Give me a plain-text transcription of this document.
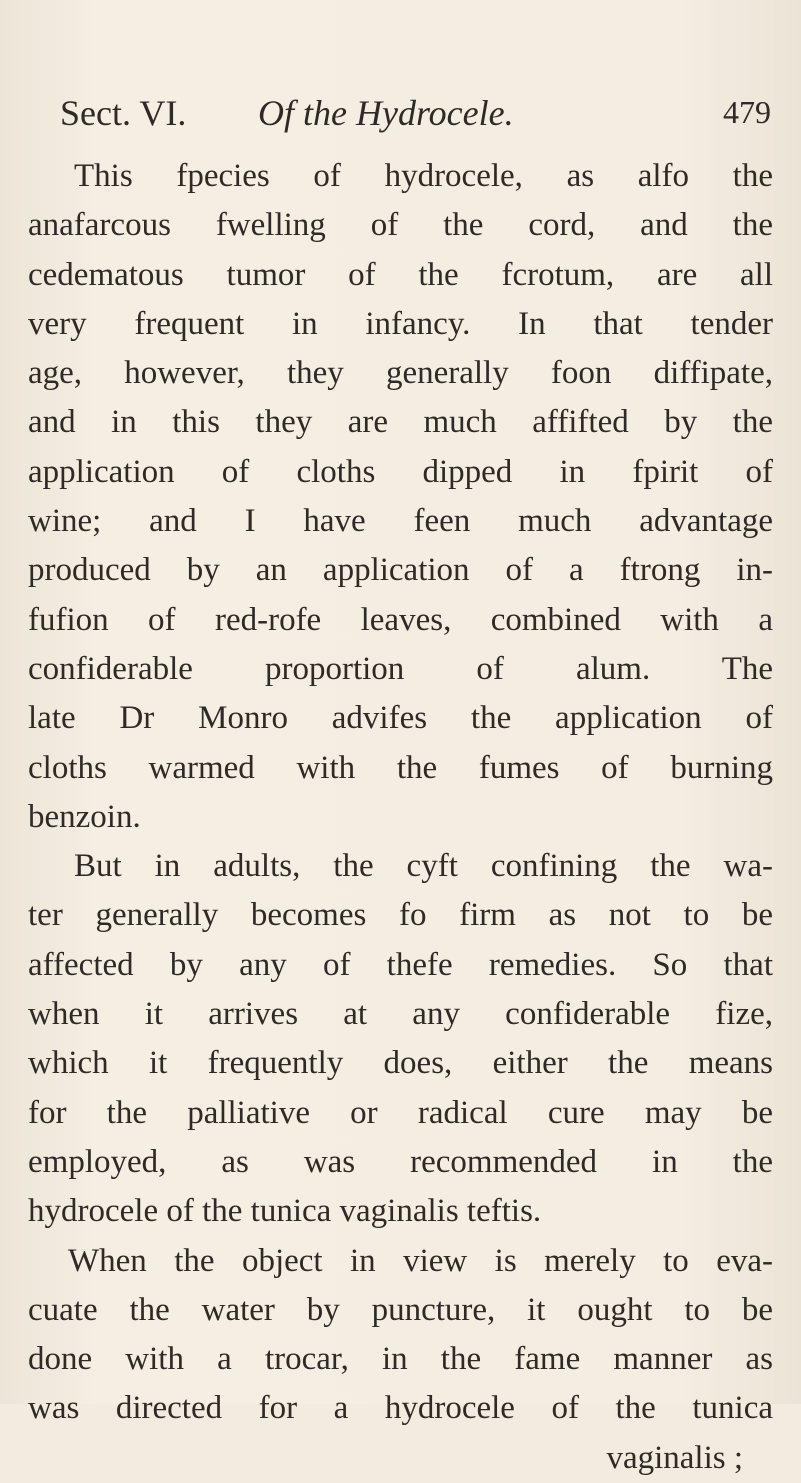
Sect. VI. Of the Hydrocele.	479
This fpecies of hydrocele, as alfo the
anafarcous fwelling of the cord, and the
cedematous tumor of the fcrotum, are all
very frequent in infancy. In that tender
age, however, they generally foon diffipate,
and in this they are much affifted by the
application of cloths dipped in fpirit of
wine; and I have feen much advantage
produced by an application of a ftrong in-
fufion of red-rofe leaves, combined with a
confiderable proportion of alum. The
late Dr Monro advifes the application of
cloths warmed with the fumes of burning
benzoin.
But in adults, the cyft confining the wa-
ter generally becomes fo firm as not to be
affected by any of thefe remedies. So that
when it arrives at any confiderable fize,
which it frequently does, either the means
for the palliative or radical cure may be
employed, as was recommended in the
hydrocele of the tunica vaginalis teftis.
When the object in view is merely to eva-
cuate the water by puncture, it ought to be
done with a trocar, in the fame manner as
was directed for a hydrocele of the tunica
vaginalis ;
